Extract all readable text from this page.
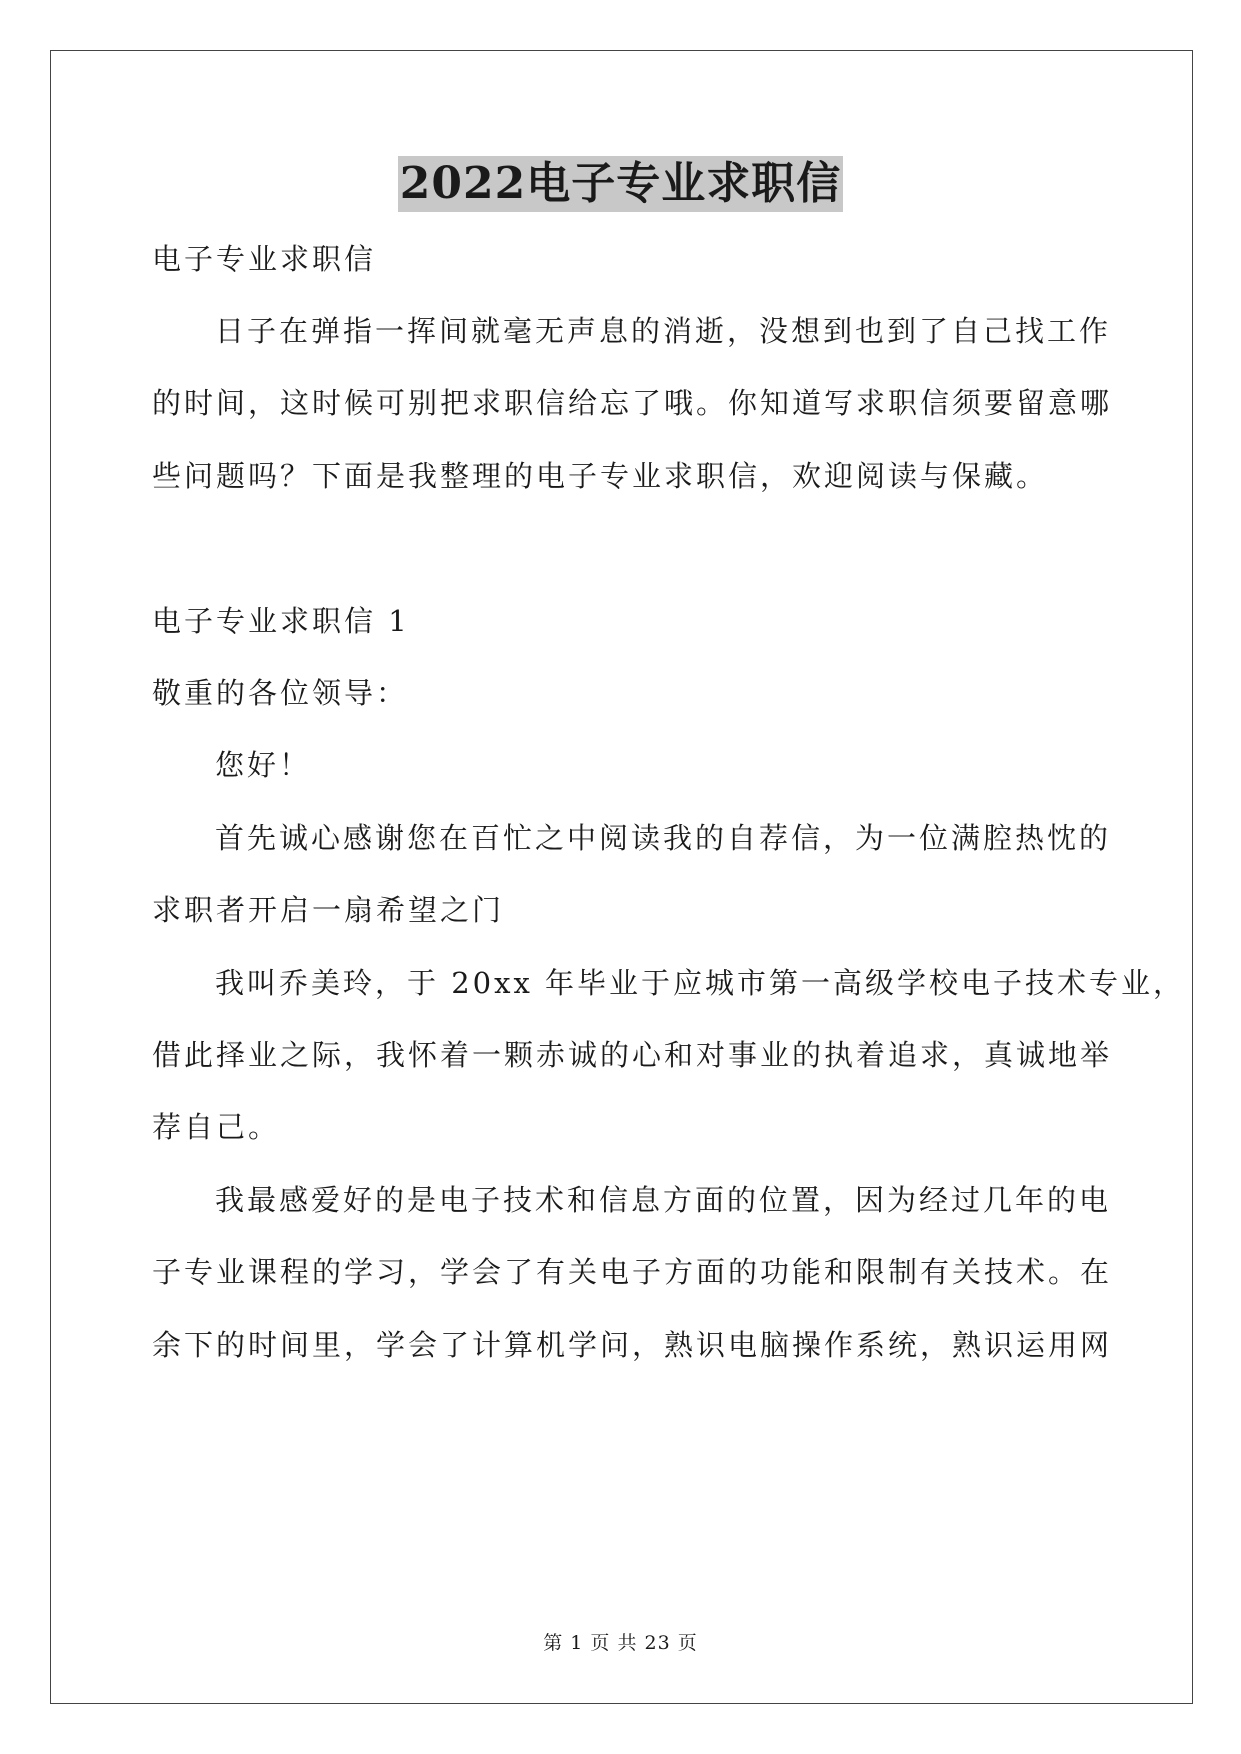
2022电子专业求职信
电子专业求职信
日子在弹指一挥间就毫无声息的消逝，没想到也到了自己找工作
的时间，这时候可别把求职信给忘了哦。你知道写求职信须要留意哪
些问题吗？下面是我整理的电子专业求职信，欢迎阅读与保藏。
电子专业求职信 1
敬重的各位领导：
您好！
首先诚心感谢您在百忙之中阅读我的自荐信，为一位满腔热忱的
求职者开启一扇希望之门
我叫乔美玲，于 20xx 年毕业于应城市第一高级学校电子技术专业，
借此择业之际，我怀着一颗赤诚的心和对事业的执着追求，真诚地举
荐自己。
我最感爱好的是电子技术和信息方面的位置，因为经过几年的电
子专业课程的学习，学会了有关电子方面的功能和限制有关技术。在
余下的时间里，学会了计算机学问，熟识电脑操作系统，熟识运用网
第 1 页 共 23 页
